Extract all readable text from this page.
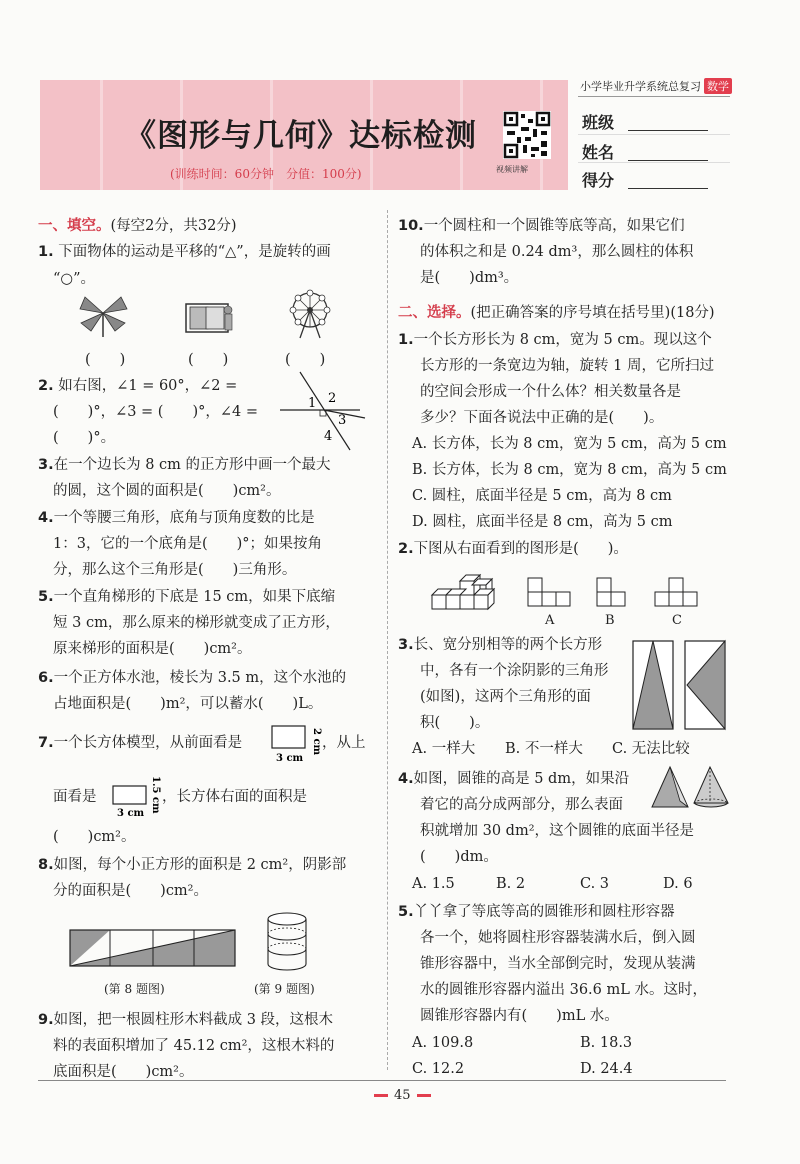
《图形与几何》达标检测
(训练时间：60分钟　分值：100分)	视频讲解
小学毕业升学系统总复习 数学
班级
姓名
得分
一、填空。(每空2分，共32分)
1. 下面物体的运动是平移的“△”，是旋转的画
“○”。
(　　)	(　　)	(　　)
2. 如右图，∠1 = 60°，∠2 =
(　　)°，∠3 = (　　)°，∠4 =
(　　)°。
1 2
3
4
3.在一个边长为 8 cm 的正方形中画一个最大
的圆，这个圆的面积是(　　)cm²。
4.一个等腰三角形，底角与顶角度数的比是
1：3，它的一个底角是(　　)°；如果按角
分，那么这个三角形是(　　)三角形。
5.一个直角梯形的下底是 15 cm，如果下底缩
短 3 cm，那么原来的梯形就变成了正方形，
原来梯形的面积是(　　)cm²。
6.一个正方体水池，棱长为 3.5 m，这个水池的
占地面积是(　　)m²，可以蓄水(　　)L。
7.一个长方体模型，从前面看是	2 cm
3 cm
，从上
面看是	1.5 cm
3 cm
，长方体右面的面积是
(　　)cm²。
8.如图，每个小正方形的面积是 2 cm²，阴影部
分的面积是(　　)cm²。
(第 8 题图)	(第 9 题图)
9.如图，把一根圆柱形木料截成 3 段，这根木
料的表面积增加了 45.12 cm²，这根木料的
底面积是(　　)cm²。
10.一个圆柱和一个圆锥等底等高，如果它们
的体积之和是 0.24 dm³，那么圆柱的体积
是(　　)dm³。
二、选择。(把正确答案的序号填在括号里)(18分)
1.一个长方形长为 8 cm，宽为 5 cm。现以这个
长方形的一条宽边为轴，旋转 1 周，它所扫过
的空间会形成一个什么体？相关数量各是
多少？下面各说法中正确的是(　　)。
A. 长方体，长为 8 cm，宽为 5 cm，高为 5 cm
B. 长方体，长为 8 cm，宽为 8 cm，高为 5 cm
C. 圆柱，底面半径是 5 cm，高为 8 cm
D. 圆柱，底面半径是 8 cm，高为 5 cm
2.下图从右面看到的图形是(　　)。
A	B	C
3.长、宽分别相等的两个长方形
中，各有一个涂阴影的三角形
(如图)，这两个三角形的面
积(　　)。
A. 一样大 B. 不一样大 C. 无法比较
4.如图，圆锥的高是 5 dm，如果沿
着它的高分成两部分，那么表面
积就增加 30 dm²，这个圆锥的底面半径是
(　　)dm。
A. 1.5	B. 2	C. 3	D. 6
5.丫丫拿了等底等高的圆锥形和圆柱形容器
各一个，她将圆柱形容器装满水后，倒入圆
锥形容器中，当水全部倒完时，发现从装满
水的圆锥形容器内溢出 36.6 mL 水。这时，
圆锥形容器内有(　　)mL 水。
A. 109.8	B. 18.3
C. 12.2	D. 24.4
45
